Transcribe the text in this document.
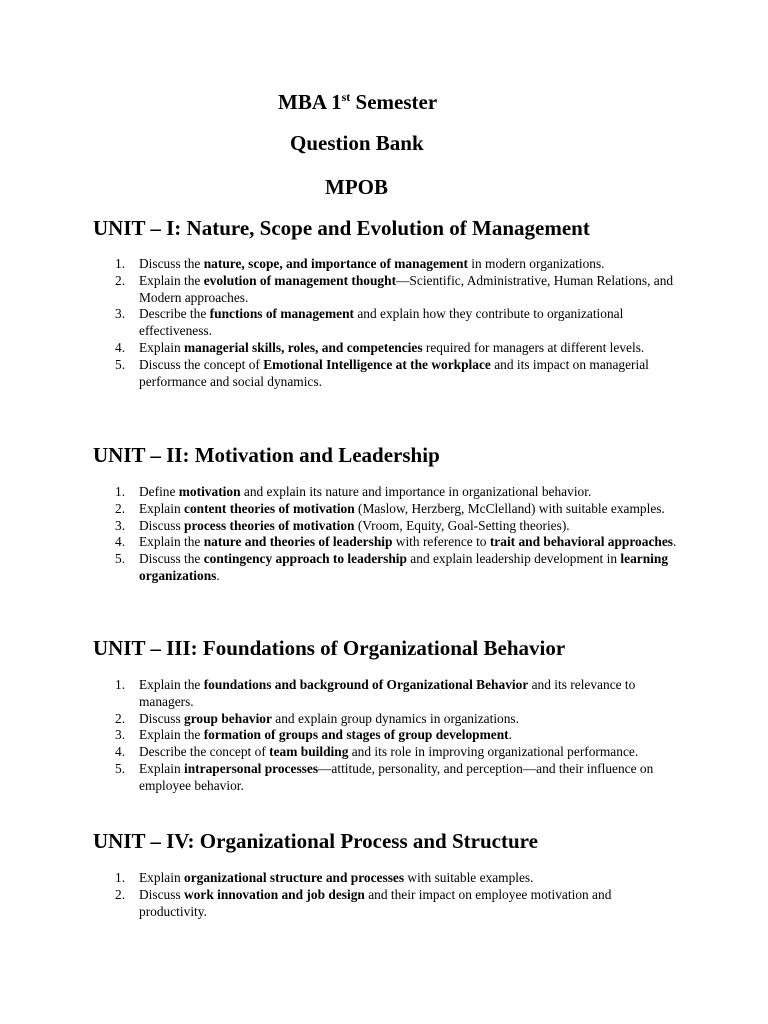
MBA 1st Semester
Question Bank
MPOB
UNIT – I: Nature, Scope and Evolution of Management
1. Discuss the nature, scope, and importance of management in modern organizations.
2. Explain the evolution of management thought—Scientific, Administrative, Human Relations, and Modern approaches.
3. Describe the functions of management and explain how they contribute to organizational effectiveness.
4. Explain managerial skills, roles, and competencies required for managers at different levels.
5. Discuss the concept of Emotional Intelligence at the workplace and its impact on managerial performance and social dynamics.
UNIT – II: Motivation and Leadership
1. Define motivation and explain its nature and importance in organizational behavior.
2. Explain content theories of motivation (Maslow, Herzberg, McClelland) with suitable examples.
3. Discuss process theories of motivation (Vroom, Equity, Goal-Setting theories).
4. Explain the nature and theories of leadership with reference to trait and behavioral approaches.
5. Discuss the contingency approach to leadership and explain leadership development in learning organizations.
UNIT – III: Foundations of Organizational Behavior
1. Explain the foundations and background of Organizational Behavior and its relevance to managers.
2. Discuss group behavior and explain group dynamics in organizations.
3. Explain the formation of groups and stages of group development.
4. Describe the concept of team building and its role in improving organizational performance.
5. Explain intrapersonal processes—attitude, personality, and perception—and their influence on employee behavior.
UNIT – IV: Organizational Process and Structure
1. Explain organizational structure and processes with suitable examples.
2. Discuss work innovation and job design and their impact on employee motivation and productivity.
